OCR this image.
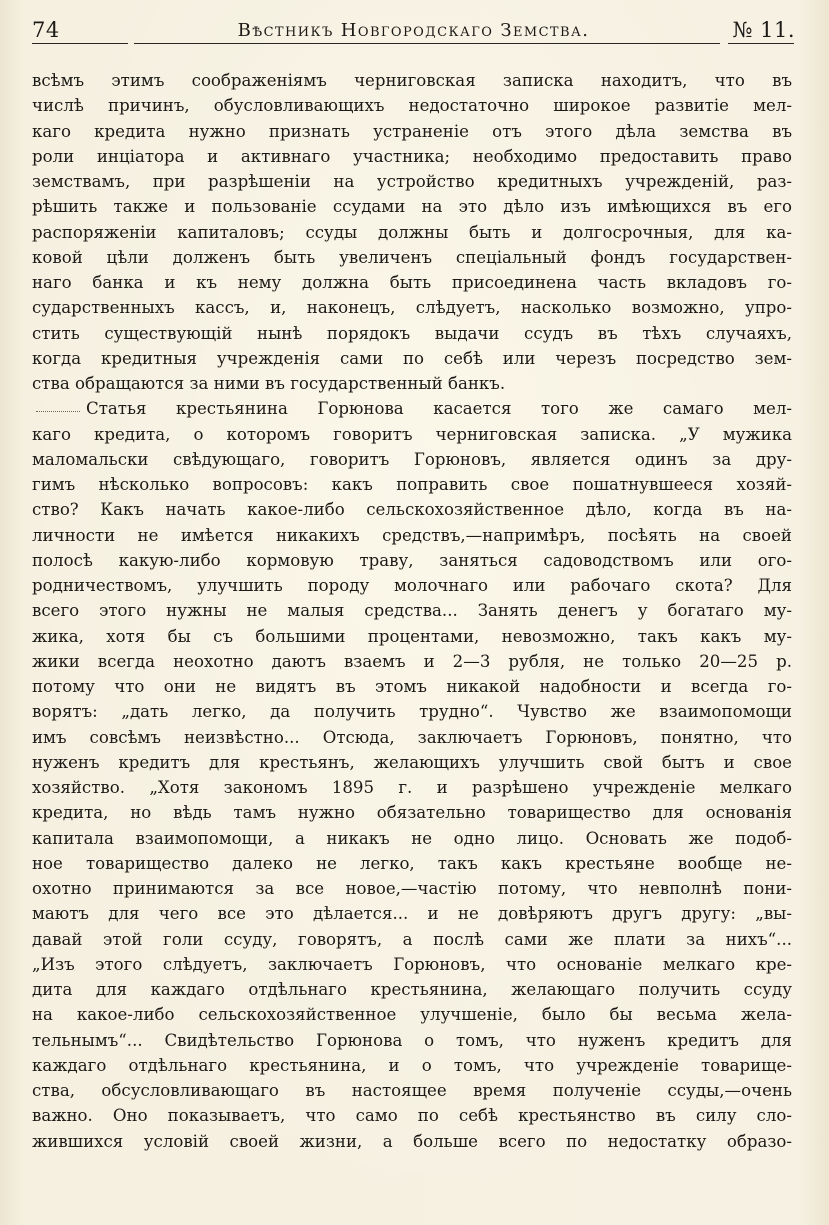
74	Вѣстникъ Новгородскаго Земства.	№ 11.
всѣмъ этимъ соображеніямъ черниговская записка находитъ, что въ
числѣ причинъ, обусловливающихъ недостаточно широкое развитіе мел-
каго кредита нужно признать устраненіе отъ этого дѣла земства въ
роли инціатора и активнаго участника; необходимо предоставить право
земствамъ, при разрѣшеніи на устройство кредитныхъ учрежденій, раз-
рѣшить также и пользованіе ссудами на это дѣло изъ имѣющихся въ его
распоряженіи капиталовъ; ссуды должны быть и долгосрочныя, для ка-
ковой цѣли долженъ быть увеличенъ спеціальный фондъ государствен-
наго банка и къ нему должна быть присоединена часть вкладовъ го-
сударственныхъ кассъ, и, наконецъ, слѣдуетъ, насколько возможно, упро-
стить существующій нынѣ порядокъ выдачи ссудъ въ тѣхъ случаяхъ,
когда кредитныя учрежденія сами по себѣ или черезъ посредство зем-
ства обращаются за ними въ государственный банкъ.
Статья крестьянина Горюнова касается того же самаго мел-
каго кредита, о которомъ говоритъ черниговская записка. „У мужика
маломальски свѣдующаго, говоритъ Горюновъ, является одинъ за дру-
гимъ нѣсколько вопросовъ: какъ поправить свое пошатнувшееся хозяй-
ство? Какъ начать какое-либо сельскохозяйственное дѣло, когда въ на-
личности не имѣется никакихъ средствъ,—напримѣръ, посѣять на своей
полосѣ какую-либо кормовую траву, заняться садоводствомъ или ого-
родничествомъ, улучшить породу молочнаго или рабочаго скота? Для
всего этого нужны не малыя средства... Занять денегъ у богатаго му-
жика, хотя бы съ большими процентами, невозможно, такъ какъ му-
жики всегда неохотно даютъ взаемъ и 2—3 рубля, не только 20—25 р.
потому что они не видятъ въ этомъ никакой надобности и всегда го-
ворятъ: „дать легко, да получить трудно“. Чувство же взаимопомощи
имъ совсѣмъ неизвѣстно... Отсюда, заключаетъ Горюновъ, понятно, что
нуженъ кредитъ для крестьянъ, желающихъ улучшить свой бытъ и свое
хозяйство. „Хотя закономъ 1895 г. и разрѣшено учрежденіе мелкаго
кредита, но вѣдь тамъ нужно обязательно товарищество для основанія
капитала взаимопомощи, а никакъ не одно лицо. Основать же подоб-
ное товарищество далеко не легко, такъ какъ крестьяне вообще не-
охотно принимаются за все новое,—частію потому, что невполнѣ пони-
маютъ для чего все это дѣлается... и не довѣряютъ другъ другу: „вы-
давай этой голи ссуду, говорятъ, а послѣ сами же плати за нихъ“...
„Изъ этого слѣдуетъ, заключаетъ Горюновъ, что основаніе мелкаго кре-
дита для каждаго отдѣльнаго крестьянина, желающаго получить ссуду
на какое-либо сельскохозяйственное улучшеніе, было бы весьма жела-
тельнымъ“... Свидѣтельство Горюнова о томъ, что нуженъ кредитъ для
каждаго отдѣльнаго крестьянина, и о томъ, что учрежденіе товарище-
ства, обсусловливающаго въ настоящее время полученіе ссуды,—очень
важно. Оно показываетъ, что само по себѣ крестьянство въ силу сло-
жившихся условій своей жизни, а больше всего по недостатку образо-
